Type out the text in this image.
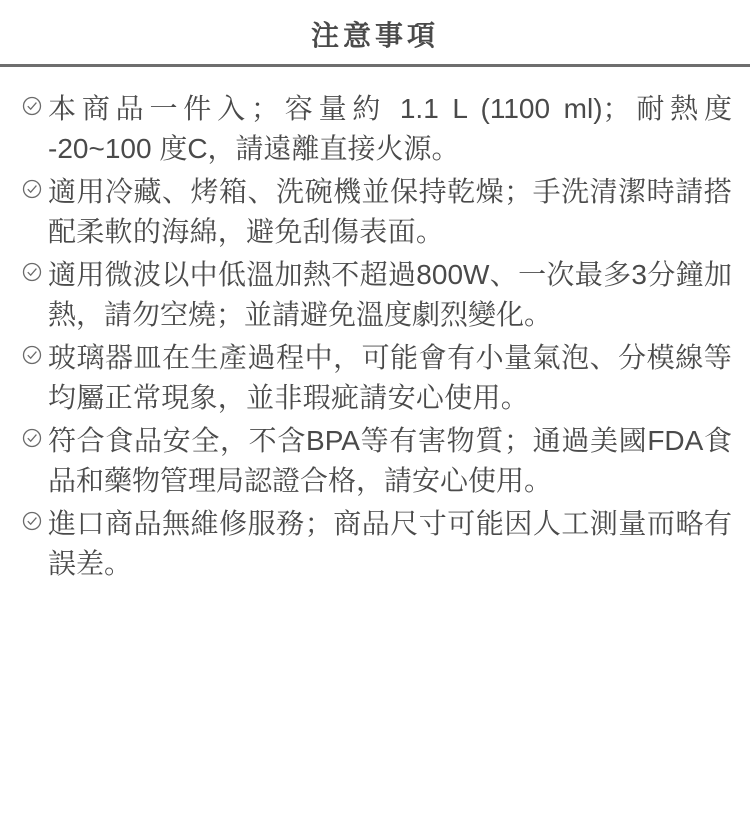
注意事項
本商品一件入；容量約 1.1 L (1100 ml)；耐熱度 -20~100 度C，請遠離直接火源。
適用冷藏、烤箱、洗碗機並保持乾燥；手洗清潔時請搭配柔軟的海綿，避免刮傷表面。
適用微波以中低溫加熱不超過800W、一次最多3分鐘加熱，請勿空燒；並請避免溫度劇烈變化。
玻璃器皿在生產過程中，可能會有小量氣泡、分模線等均屬正常現象，並非瑕疵請安心使用。
符合食品安全，不含BPA等有害物質；通過美國FDA食品和藥物管理局認證合格，請安心使用。
進口商品無維修服務；商品尺寸可能因人工測量而略有誤差。
